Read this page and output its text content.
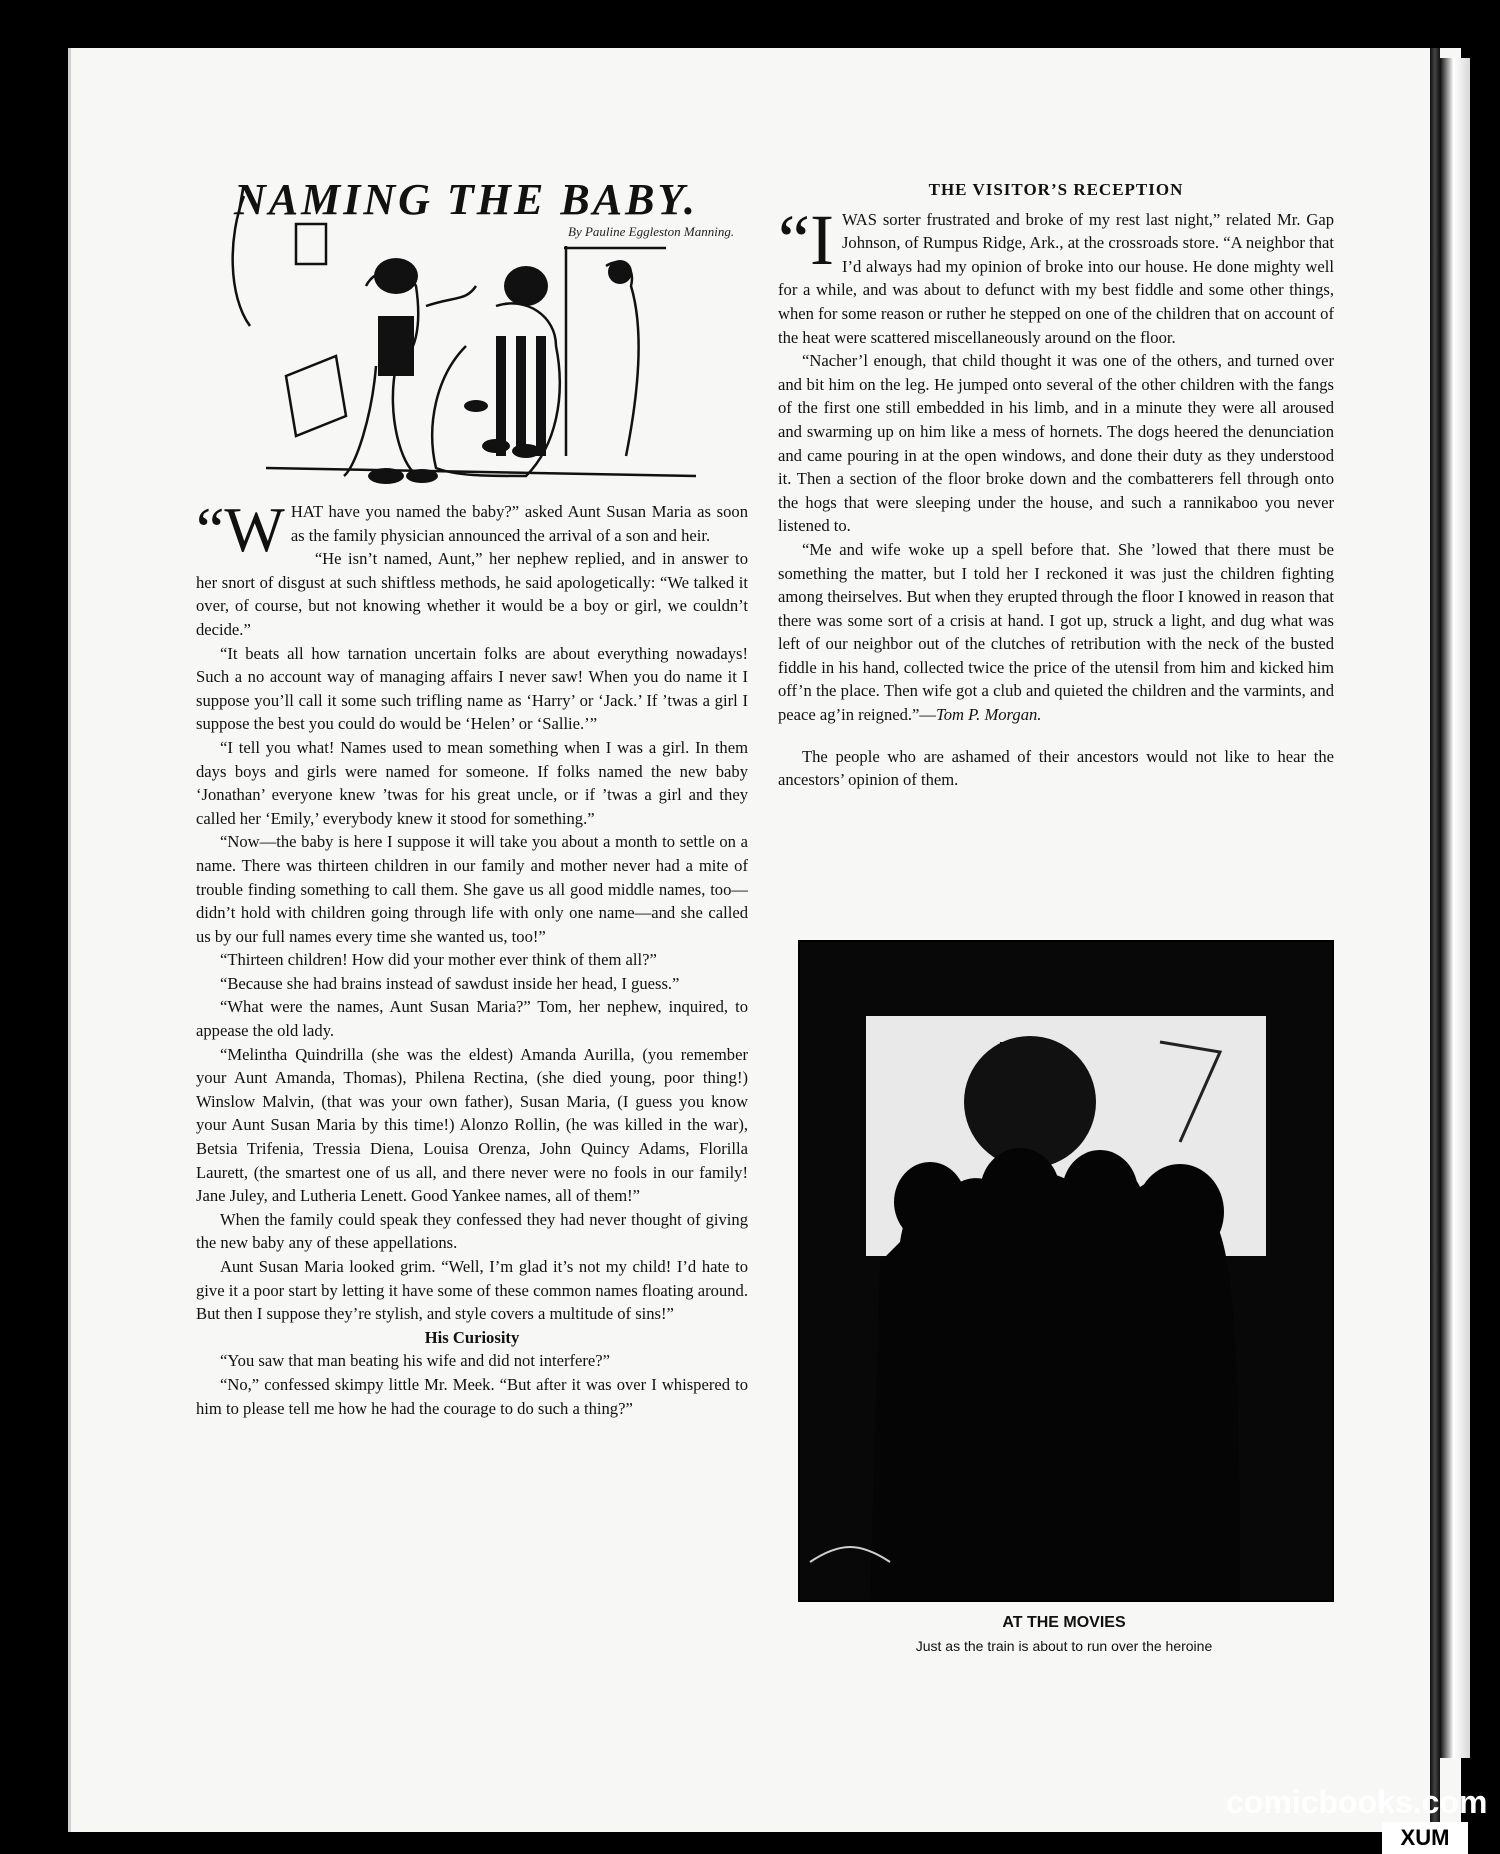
NAMING THE BABY.
By Pauline Eggleston Manning.

“W HAT have you named the baby?” asked Aunt Susan Maria as soon as the family physician announced the arrival of a son and heir.

“He isn’t named, Aunt,” her nephew replied, and in answer to her snort of disgust at such shiftless methods, he said apologetically: “We talked it over, of course, but not knowing whether it would be a boy or girl, we couldn’t decide.”

“It beats all how tarnation uncertain folks are about everything nowadays! Such a no account way of managing affairs I never saw! When you do name it I suppose you’ll call it some such trifling name as ‘Harry’ or ‘Jack.’ If ’twas a girl I suppose the best you could do would be ‘Helen’ or ‘Sallie.’”

“I tell you what! Names used to mean something when I was a girl. In them days boys and girls were named for someone. If folks named the new baby ‘Jonathan’ everyone knew ’twas for his great uncle, or if ’twas a girl and they called her ‘Emily,’ everybody knew it stood for something.”

“Now—the baby is here I suppose it will take you about a month to settle on a name. There was thirteen children in our family and mother never had a mite of trouble finding something to call them. She gave us all good middle names, too—didn’t hold with children going through life with only one name—and she called us by our full names every time she wanted us, too!”

“Thirteen children! How did your mother ever think of them all?”

“Because she had brains instead of sawdust inside her head, I guess.”

“What were the names, Aunt Susan Maria?” Tom, her nephew, inquired, to appease the old lady.

“Melintha Quindrilla (she was the eldest) Amanda Aurilla, (you remember your Aunt Amanda, Thomas), Philena Rectina, (she died young, poor thing!) Winslow Malvin, (that was your own father), Susan Maria, (I guess you know your Aunt Susan Maria by this time!) Alonzo Rollin, (he was killed in the war), Betsia Trifenia, Tressia Diena, Louisa Orenza, John Quincy Adams, Florilla Laurett, (the smartest one of us all, and there never were no fools in our family! Jane Juley, and Lutheria Lenett. Good Yankee names, all of them!”

When the family could speak they confessed they had never thought of giving the new baby any of these appellations.

Aunt Susan Maria looked grim. “Well, I’m glad it’s not my child! I’d hate to give it a poor start by letting it have some of these common names floating around. But then I suppose they’re stylish, and style covers a multitude of sins!”

His Curiosity

“You saw that man beating his wife and did not interfere?”

“No,” confessed skimpy little Mr. Meek. “But after it was over I whispered to him to please tell me how he had the courage to do such a thing?”

THE VISITOR’S RECEPTION

“I WAS sorter frustrated and broke of my rest last night,” related Mr. Gap Johnson, of Rumpus Ridge, Ark., at the crossroads store. “A neighbor that I’d always had my opinion of broke into our house. He done mighty well for a while, and was about to defunct with my best fiddle and some other things, when for some reason or ruther he stepped on one of the children that on account of the heat were scattered miscellaneously around on the floor.

“Nacher’l enough, that child thought it was one of the others, and turned over and bit him on the leg. He jumped onto several of the other children with the fangs of the first one still embedded in his limb, and in a minute they were all aroused and swarming up on him like a mess of hornets. The dogs heered the denunciation and came pouring in at the open windows, and done their duty as they understood it. Then a section of the floor broke down and the combatterers fell through onto the hogs that were sleeping under the house, and such a rannikaboo you never listened to.

“Me and wife woke up a spell before that. She ’lowed that there must be something the matter, but I told her I reckoned it was just the children fighting among theirselves. But when they erupted through the floor I knowed in reason that there was some sort of a crisis at hand. I got up, struck a light, and dug what was left of our neighbor out of the clutches of retribution with the neck of the busted fiddle in his hand, collected twice the price of the utensil from him and kicked him off’n the place. Then wife got a club and quieted the children and the varmints, and peace ag’in reigned.”—Tom P. Morgan.

The people who are ashamed of their ancestors would not like to hear the ancestors’ opinion of them.

AT THE MOVIES
Just as the train is about to run over the heroine
comicbooks.com
XUM
